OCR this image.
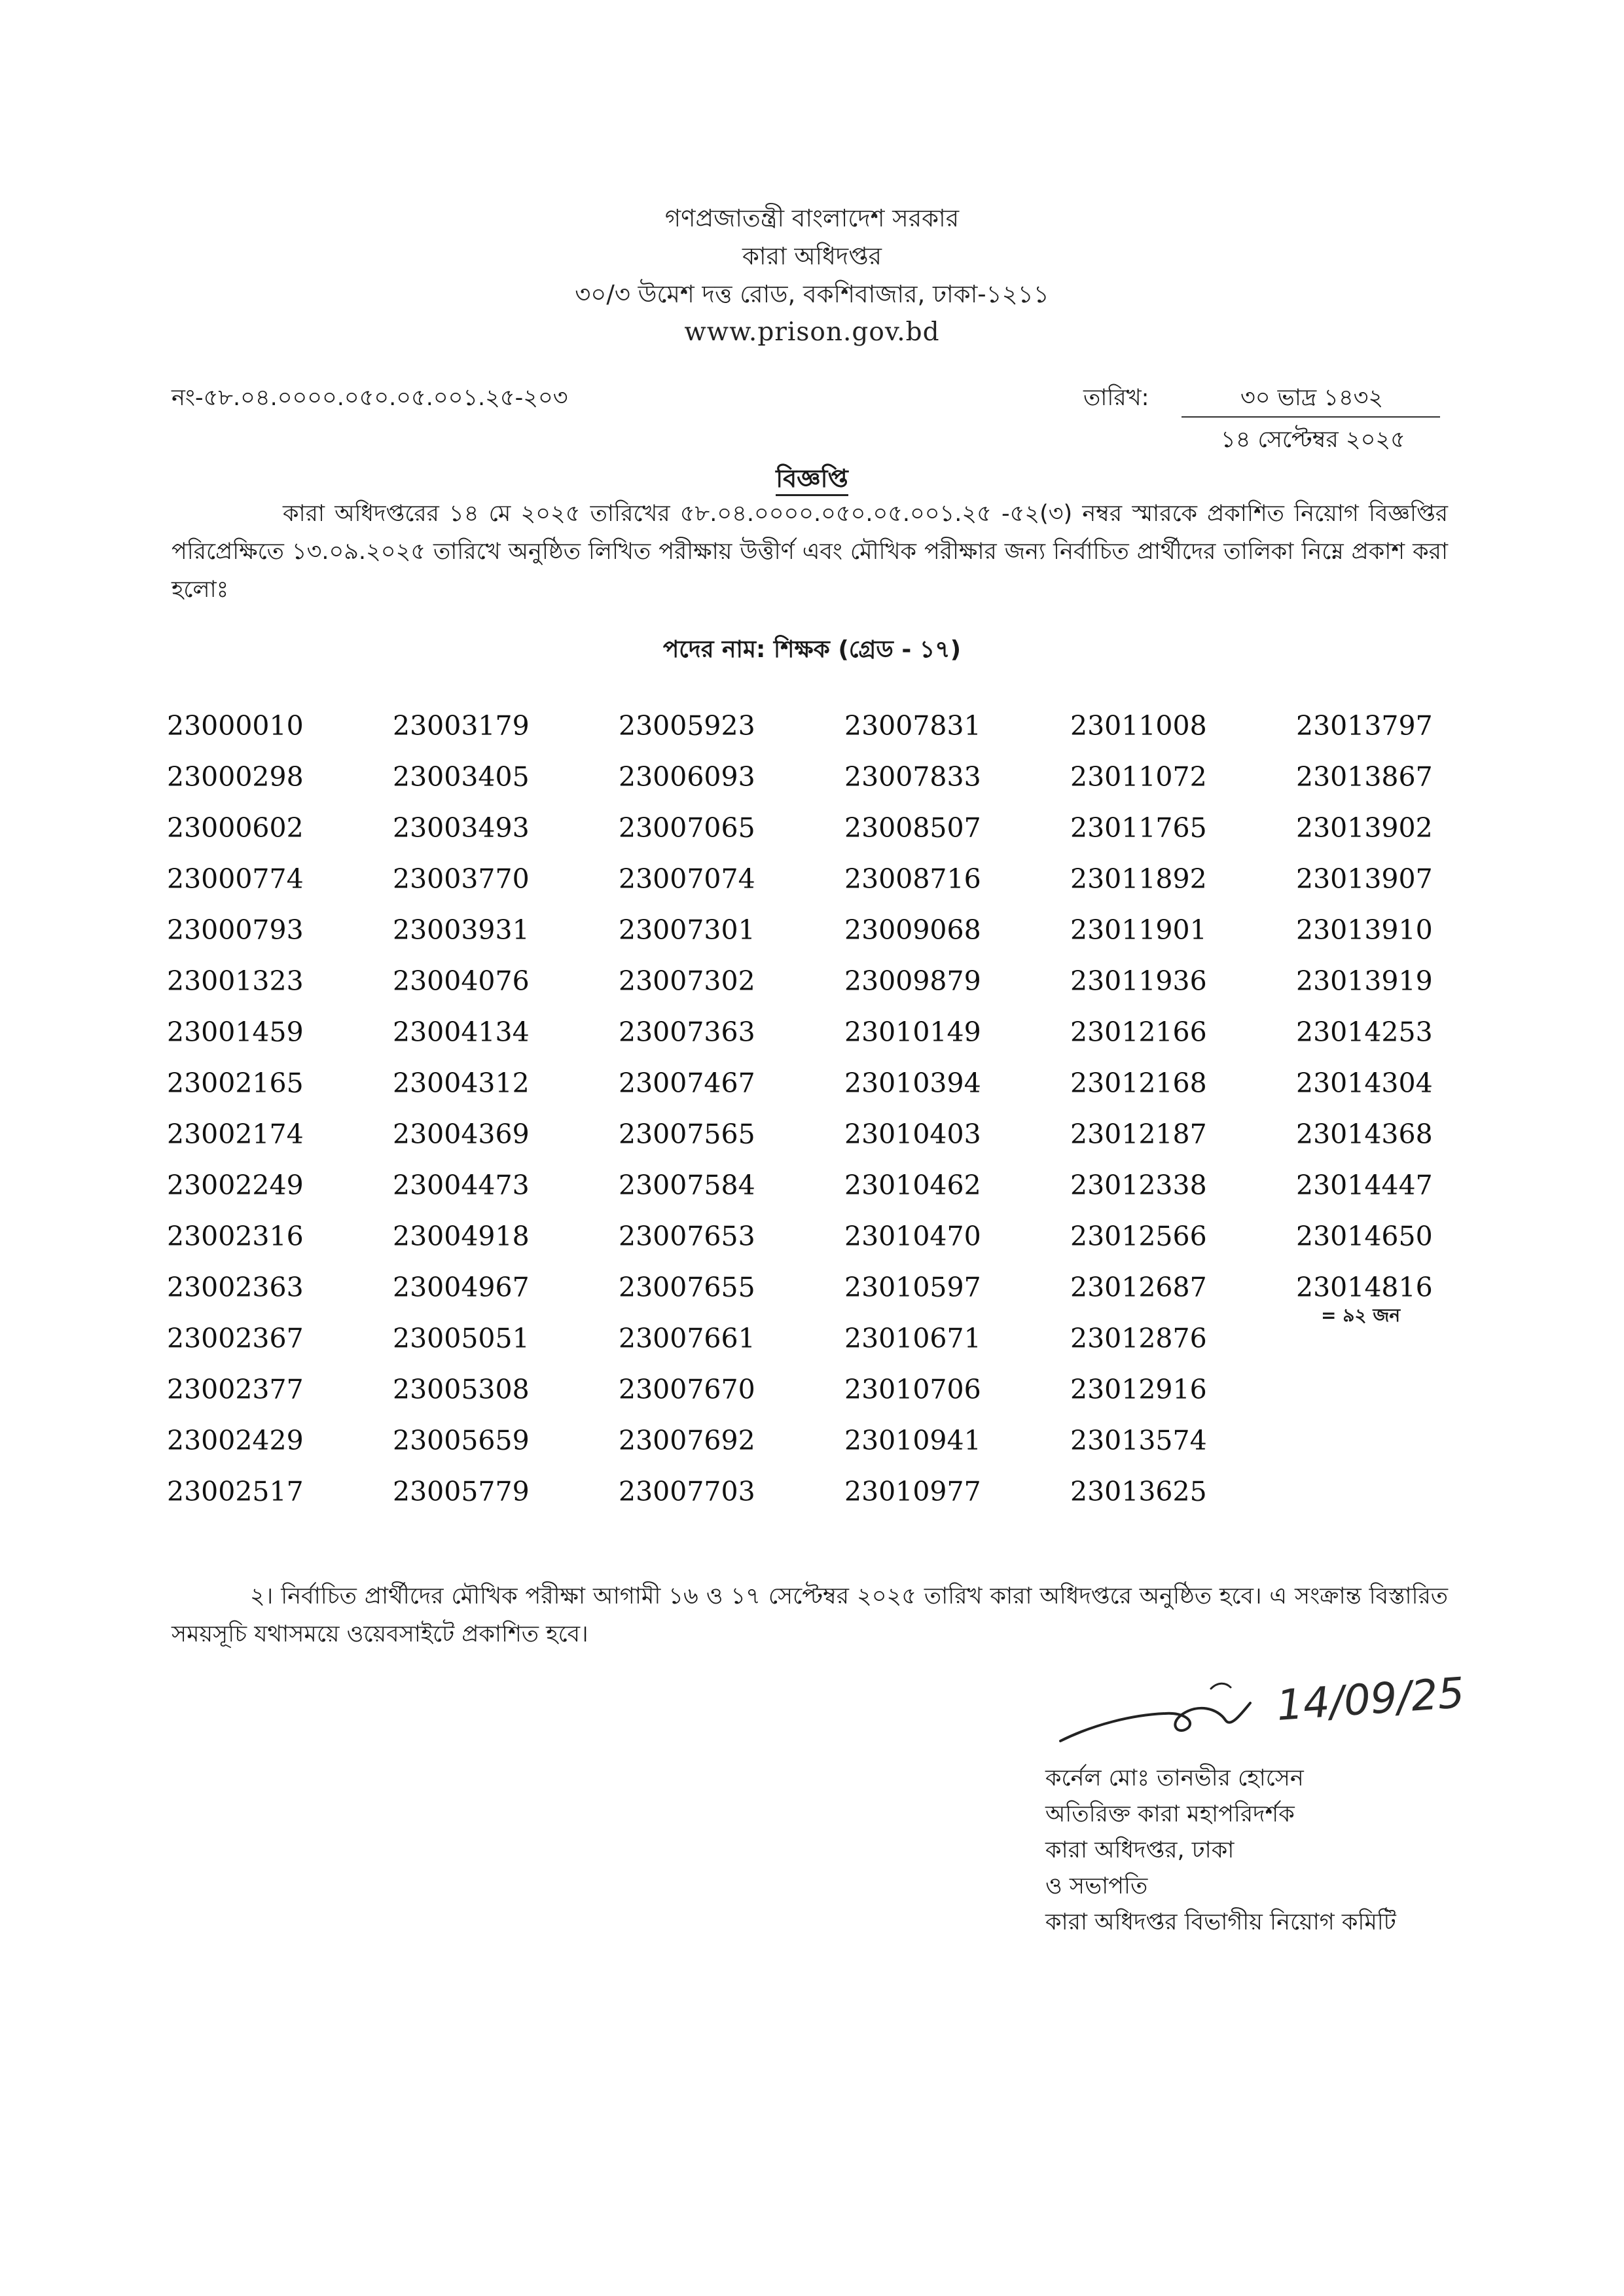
গণপ্রজাতন্ত্রী বাংলাদেশ সরকার
কারা অধিদপ্তর
৩০/৩ উমেশ দত্ত রোড, বকশিবাজার, ঢাকা-১২১১
www.prison.gov.bd
নং-৫৮.০৪.০০০০.০৫০.০৫.০০১.২৫-২০৩	তারিখ:	৩০ ভাদ্র ১৪৩২
১৪ সেপ্টেম্বর ২০২৫
বিজ্ঞপ্তি
কারা অধিদপ্তরের ১৪ মে ২০২৫ তারিখের ৫৮.০৪.০০০০.০৫০.০৫.০০১.২৫ -৫২(৩) নম্বর স্মারকে প্রকাশিত নিয়োগ বিজ্ঞপ্তির পরিপ্রেক্ষিতে ১৩.০৯.২০২৫ তারিখে অনুষ্ঠিত লিখিত পরীক্ষায় উত্তীর্ণ এবং মৌখিক পরীক্ষার জন্য নির্বাচিত প্রার্থীদের তালিকা নিম্নে প্রকাশ করা হলোঃ
পদের নাম: শিক্ষক (গ্রেড - ১৭)
23000010
23000298
23000602
23000774
23000793
23001323
23001459
23002165
23002174
23002249
23002316
23002363
23002367
23002377
23002429
23002517
23003179
23003405
23003493
23003770
23003931
23004076
23004134
23004312
23004369
23004473
23004918
23004967
23005051
23005308
23005659
23005779
23005923
23006093
23007065
23007074
23007301
23007302
23007363
23007467
23007565
23007584
23007653
23007655
23007661
23007670
23007692
23007703
23007831
23007833
23008507
23008716
23009068
23009879
23010149
23010394
23010403
23010462
23010470
23010597
23010671
23010706
23010941
23010977
23011008
23011072
23011765
23011892
23011901
23011936
23012166
23012168
23012187
23012338
23012566
23012687
23012876
23012916
23013574
23013625
23013797
23013867
23013902
23013907
23013910
23013919
23014253
23014304
23014368
23014447
23014650
23014816
= ৯২ জন
২। নির্বাচিত প্রার্থীদের মৌখিক পরীক্ষা আগামী ১৬ ও ১৭ সেপ্টেম্বর ২০২৫ তারিখ কারা অধিদপ্তরে অনুষ্ঠিত হবে। এ সংক্রান্ত বিস্তারিত সময়সূচি যথাসময়ে ওয়েবসাইটে প্রকাশিত হবে।
14/09/25
কর্নেল মোঃ তানভীর হোসেন
অতিরিক্ত কারা মহাপরিদর্শক
কারা অধিদপ্তর, ঢাকা
ও সভাপতি
কারা অধিদপ্তর বিভাগীয় নিয়োগ কমিটি
